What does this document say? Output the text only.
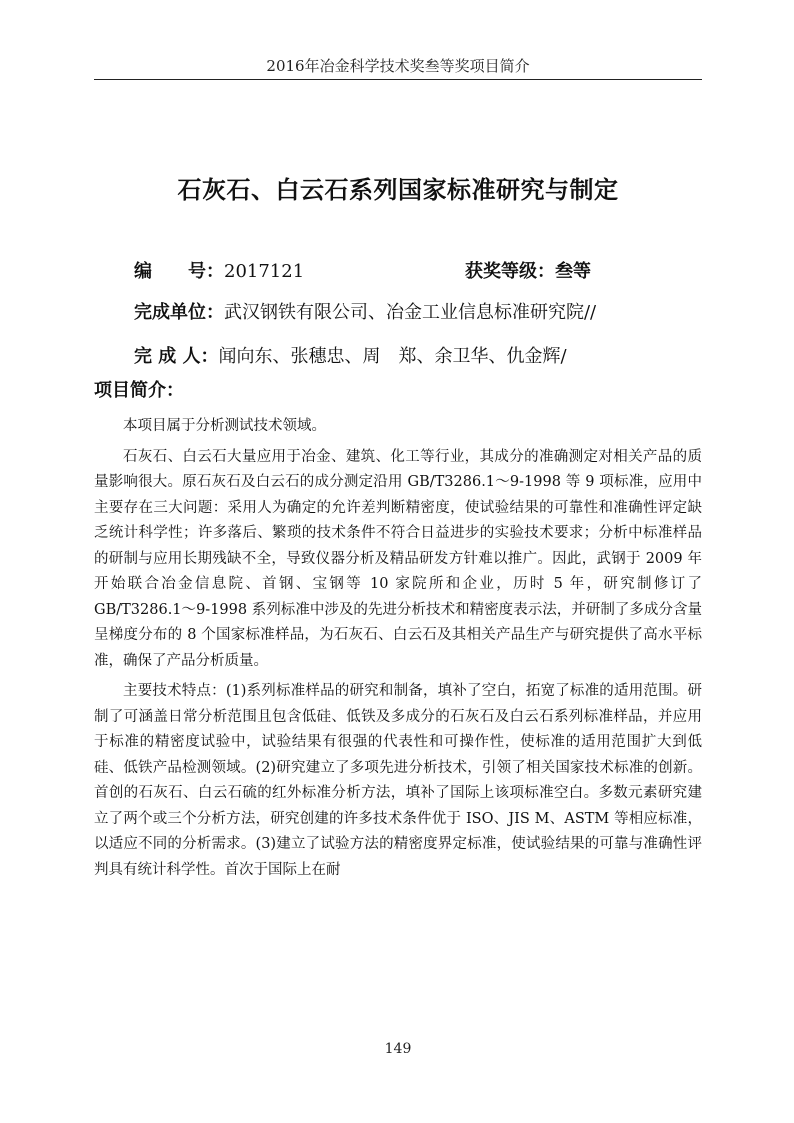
2016年冶金科学技术奖叁等奖项目简介
石灰石、白云石系列国家标准研究与制定
编　　号：2017121	获奖等级：叁等
完成单位：武汉钢铁有限公司、冶金工业信息标准研究院//
完 成 人：闻向东、张穗忠、周　郑、余卫华、仇金辉/
项目简介：

本项目属于分析测试技术领域。

石灰石、白云石大量应用于冶金、建筑、化工等行业，其成分的准确测定对相关产品的质量影响很大。原石灰石及白云石的成分测定沿用 GB/T3286.1～9-1998 等 9 项标准，应用中主要存在三大问题：采用人为确定的允许差判断精密度，使试验结果的可靠性和准确性评定缺乏统计科学性；许多落后、繁琐的技术条件不符合日益进步的实验技术要求；分析中标准样品的研制与应用长期残缺不全，导致仪器分析及精品研发方针难以推广。因此，武钢于 2009 年开始联合冶金信息院、首钢、宝钢等 10 家院所和企业，历时 5 年，研究制修订了 GB/T3286.1～9-1998 系列标准中涉及的先进分析技术和精密度表示法，并研制了多成分含量呈梯度分布的 8 个国家标准样品，为石灰石、白云石及其相关产品生产与研究提供了高水平标准，确保了产品分析质量。

主要技术特点：(1)系列标准样品的研究和制备，填补了空白，拓宽了标准的适用范围。研制了可涵盖日常分析范围且包含低硅、低铁及多成分的石灰石及白云石系列标准样品，并应用于标准的精密度试验中，试验结果有很强的代表性和可操作性，使标准的适用范围扩大到低硅、低铁产品检测领域。(2)研究建立了多项先进分析技术，引领了相关国家技术标准的创新。首创的石灰石、白云石硫的红外标准分析方法，填补了国际上该项标准空白。多数元素研究建立了两个或三个分析方法，研究创建的许多技术条件优于 ISO、JIS M、ASTM 等相应标准，以适应不同的分析需求。(3)建立了试验方法的精密度界定标准，使试验结果的可靠与准确性评判具有统计科学性。首次于国际上在耐

149
